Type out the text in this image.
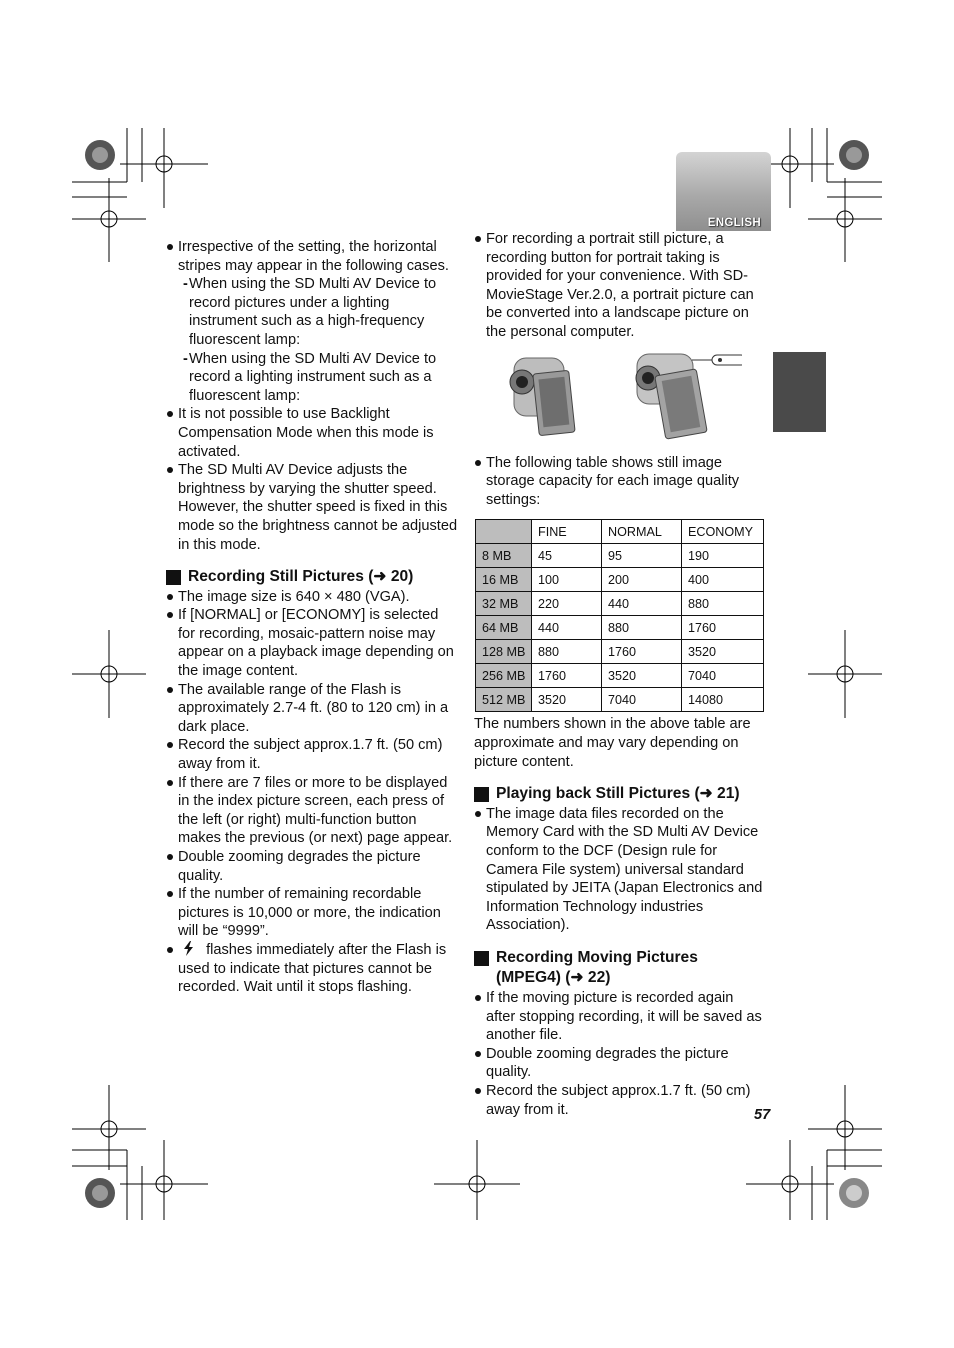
ENGLISH
Irrespective of the setting, the horizontal stripes may appear in the following cases.
- When using the SD Multi AV Device to record pictures under a lighting instrument such as a high-frequency fluorescent lamp:
- When using the SD Multi AV Device to record a lighting instrument such as a fluorescent lamp:
It is not possible to use Backlight Compensation Mode when this mode is activated.
The SD Multi AV Device adjusts the brightness by varying the shutter speed. However, the shutter speed is fixed in this mode so the brightness cannot be adjusted in this mode.
Recording Still Pictures (➜ 20)
The image size is 640 × 480 (VGA).
If [NORMAL] or [ECONOMY] is selected for recording, mosaic-pattern noise may appear on a playback image depending on the image content.
The available range of the Flash is approximately 2.7-4 ft. (80 to 120 cm) in a dark place.
Record the subject approx.1.7 ft. (50 cm) away from it.
If there are 7 files or more to be displayed in the index picture screen, each press of the left (or right) multi-function button makes the previous (or next) page appear.
Double zooming degrades the picture quality.
If the number of remaining recordable pictures is 10,000 or more, the indication will be “9999”.
flashes immediately after the Flash is used to indicate that pictures cannot be recorded. Wait until it stops flashing.
For recording a portrait still picture, a recording button for portrait taking is provided for your convenience. With SD-MovieStage Ver.2.0, a portrait picture can be converted into a landscape picture on the personal computer.
The following table shows still image storage capacity for each image quality settings:
	FINE	NORMAL	ECONOMY
8 MB	45	95	190
16 MB	100	200	400
32 MB	220	440	880
64 MB	440	880	1760
128 MB	880	1760	3520
256 MB	1760	3520	7040
512 MB	3520	7040	14080
The numbers shown in the above table are approximate and may vary depending on picture content.
Playing back Still Pictures (➜ 21)
The image data files recorded on the Memory Card with the SD Multi AV Device conform to the DCF (Design rule for Camera File system) universal standard stipulated by JEITA (Japan Electronics and Information Technology industries Association).
Recording Moving Pictures
(MPEG4) (➜ 22)
If the moving picture is recorded again after stopping recording, it will be saved as another file.
Double zooming degrades the picture quality.
Record the subject approx.1.7 ft. (50 cm) away from it.	57
